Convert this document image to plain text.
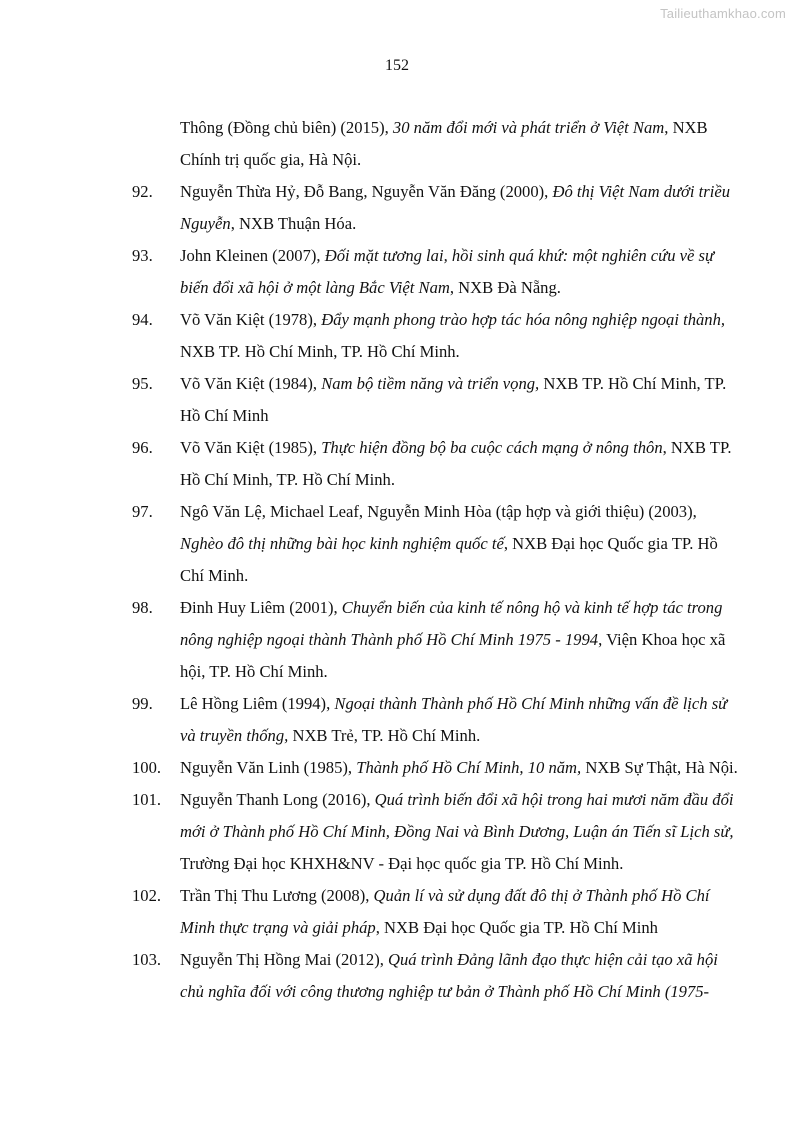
Tailieuthamkhao.com
152
Thông (Đồng chủ biên) (2015), 30 năm đổi mới và phát triển ở Việt Nam, NXB
Chính trị quốc gia, Hà Nội.
92.	Nguyễn Thừa Hỷ, Đỗ Bang, Nguyễn Văn Đăng (2000), Đô thị Việt Nam dưới triều
Nguyễn, NXB Thuận Hóa.
93.	John Kleinen (2007), Đối mặt tương lai, hồi sinh quá khứ: một nghiên cứu về sự
biến đổi xã hội ở một làng Bắc Việt Nam, NXB Đà Nẵng.
94.	Võ Văn Kiệt (1978), Đẩy mạnh phong trào hợp tác hóa nông nghiệp ngoại thành,
NXB TP. Hồ Chí Minh, TP. Hồ Chí Minh.
95.	Võ Văn Kiệt (1984), Nam bộ tiềm năng và triển vọng, NXB TP. Hồ Chí Minh, TP.
Hồ Chí Minh
96.	Võ Văn Kiệt (1985), Thực hiện đồng bộ ba cuộc cách mạng ở nông thôn, NXB TP.
Hồ Chí Minh, TP. Hồ Chí Minh.
97.	Ngô Văn Lệ, Michael Leaf, Nguyễn Minh Hòa (tập hợp và giới thiệu) (2003),
Nghèo đô thị những bài học kinh nghiệm quốc tế, NXB Đại học Quốc gia TP. Hồ
Chí Minh.
98.	Đinh Huy Liêm (2001), Chuyển biến của kinh tế nông hộ và kinh tế hợp tác trong
nông nghiệp ngoại thành Thành phố Hồ Chí Minh 1975 - 1994, Viện Khoa học xã
hội, TP. Hồ Chí Minh.
99.	Lê Hồng Liêm (1994), Ngoại thành Thành phố Hồ Chí Minh những vấn đề lịch sử
và truyền thống, NXB Trẻ, TP. Hồ Chí Minh.
100.	Nguyễn Văn Linh (1985), Thành phố Hồ Chí Minh, 10 năm, NXB Sự Thật, Hà Nội.
101.	Nguyễn Thanh Long (2016), Quá trình biến đổi xã hội trong hai mươi năm đầu đổi
mới ở Thành phố Hồ Chí Minh, Đồng Nai và Bình Dương, Luận án Tiến sĩ Lịch sử,
Trường Đại học KHXH&NV - Đại học quốc gia TP. Hồ Chí Minh.
102.	Trần Thị Thu Lương (2008), Quản lí và sử dụng đất đô thị ở Thành phố Hồ Chí
Minh thực trạng và giải pháp, NXB Đại học Quốc gia TP. Hồ Chí Minh
103.	Nguyễn Thị Hồng Mai (2012), Quá trình Đảng lãnh đạo thực hiện cải tạo xã hội
chủ nghĩa đối với công thương nghiệp tư bản ở Thành phố Hồ Chí Minh (1975-
